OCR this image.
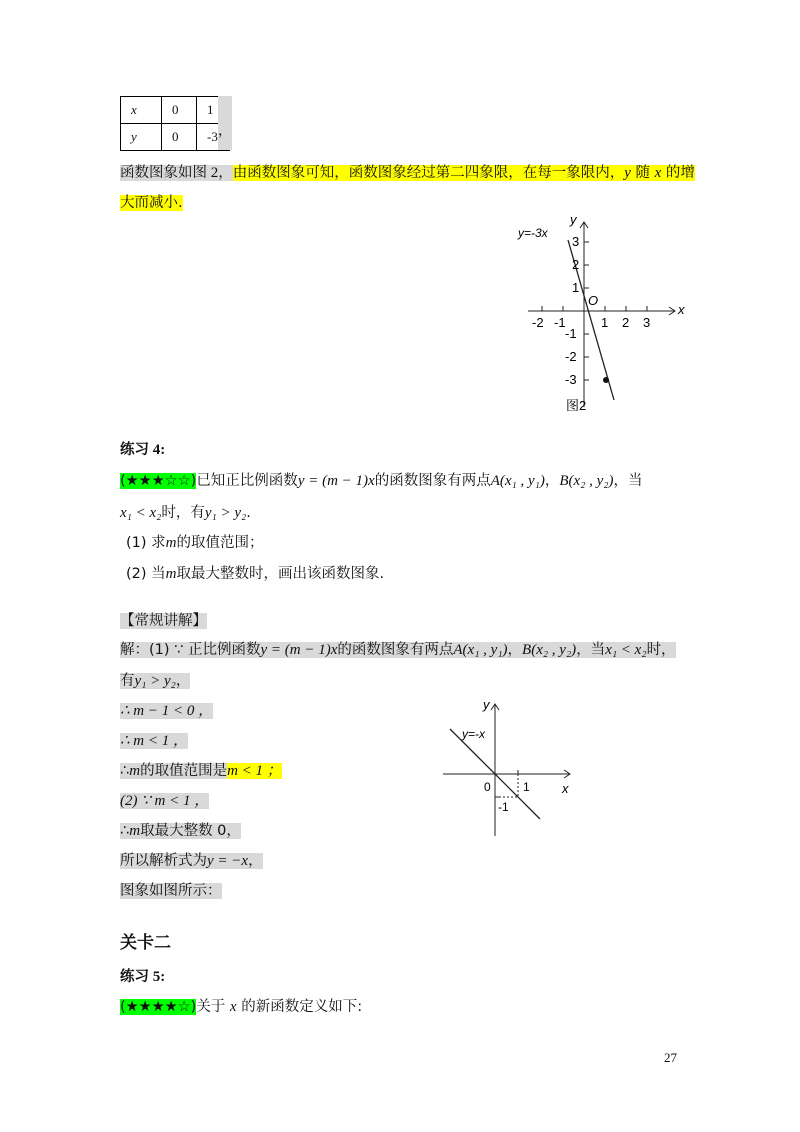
x	0	1
y	0	-3 ，
函数图象如图 2，由函数图象可知，函数图象经过第二四象限，在每一象限内，y 随 x 的增
大而减小.
y=-3x
x
y
O
-2 -1	1 2 3
3
2
1
-1
-2
-3
图2
练习 4:
(★★★☆☆)已知正比例函数y = (m − 1)x的函数图象有两点A(x₁ , y₁)，B(x₂ , y₂)，当
x₁ < x₂时，有y₁ > y₂.
(1) 求m的取值范围；
(2) 当m取最大整数时，画出该函数图象.
【常规讲解】
解：(1) ∵ 正比例函数y = (m − 1)x的函数图象有两点A(x₁ , y₁)，B(x₂ , y₂)，当x₁ < x₂时，
有y₁ > y₂，
∴ m − 1 < 0 ，
∴ m < 1 ，
∴m的取值范围是m < 1 ；
(2) ∵ m < 1 ，
∴m取最大整数 0，
所以解析式为y = −x，
图象如图所示：
y=-x
x
y
0	1
-1
关卡二
练习 5:
(★★★★☆)关于 x 的新函数定义如下:
27
